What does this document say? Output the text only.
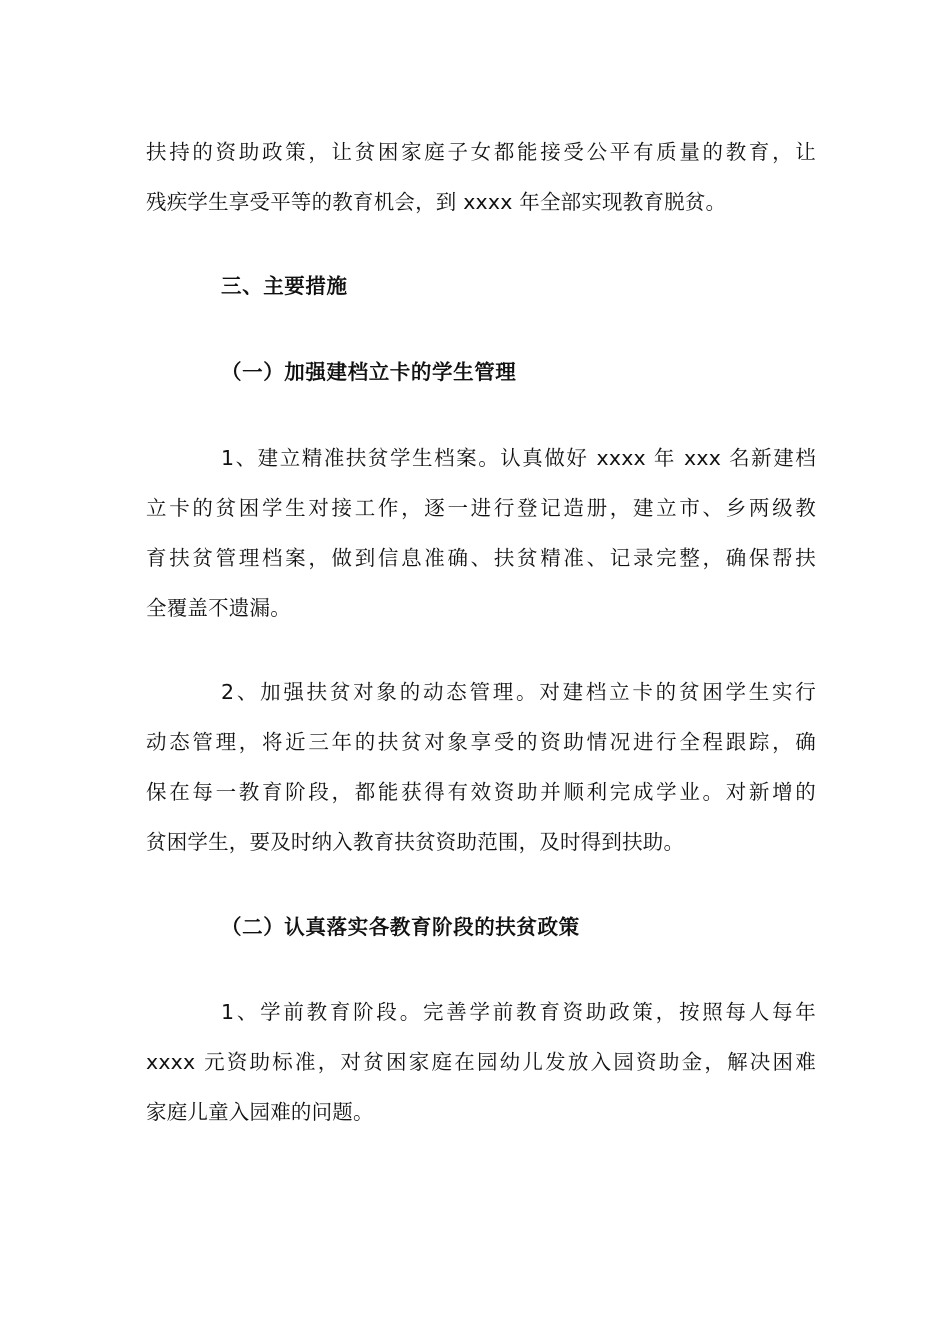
扶持的资助政策，让贫困家庭子女都能接受公平有质量的教育，让
残疾学生享受平等的教育机会，到 xxxx 年全部实现教育脱贫。
三、主要措施
（一）加强建档立卡的学生管理
1、建立精准扶贫学生档案。认真做好 xxxx 年 xxx 名新建档
立卡的贫困学生对接工作，逐一进行登记造册，建立市、乡两级教
育扶贫管理档案，做到信息准确、扶贫精准、记录完整，确保帮扶
全覆盖不遗漏。
2、加强扶贫对象的动态管理。对建档立卡的贫困学生实行
动态管理，将近三年的扶贫对象享受的资助情况进行全程跟踪，确
保在每一教育阶段，都能获得有效资助并顺利完成学业。对新增的
贫困学生，要及时纳入教育扶贫资助范围，及时得到扶助。
（二）认真落实各教育阶段的扶贫政策
1、学前教育阶段。完善学前教育资助政策，按照每人每年
xxxx 元资助标准，对贫困家庭在园幼儿发放入园资助金，解决困难
家庭儿童入园难的问题。
